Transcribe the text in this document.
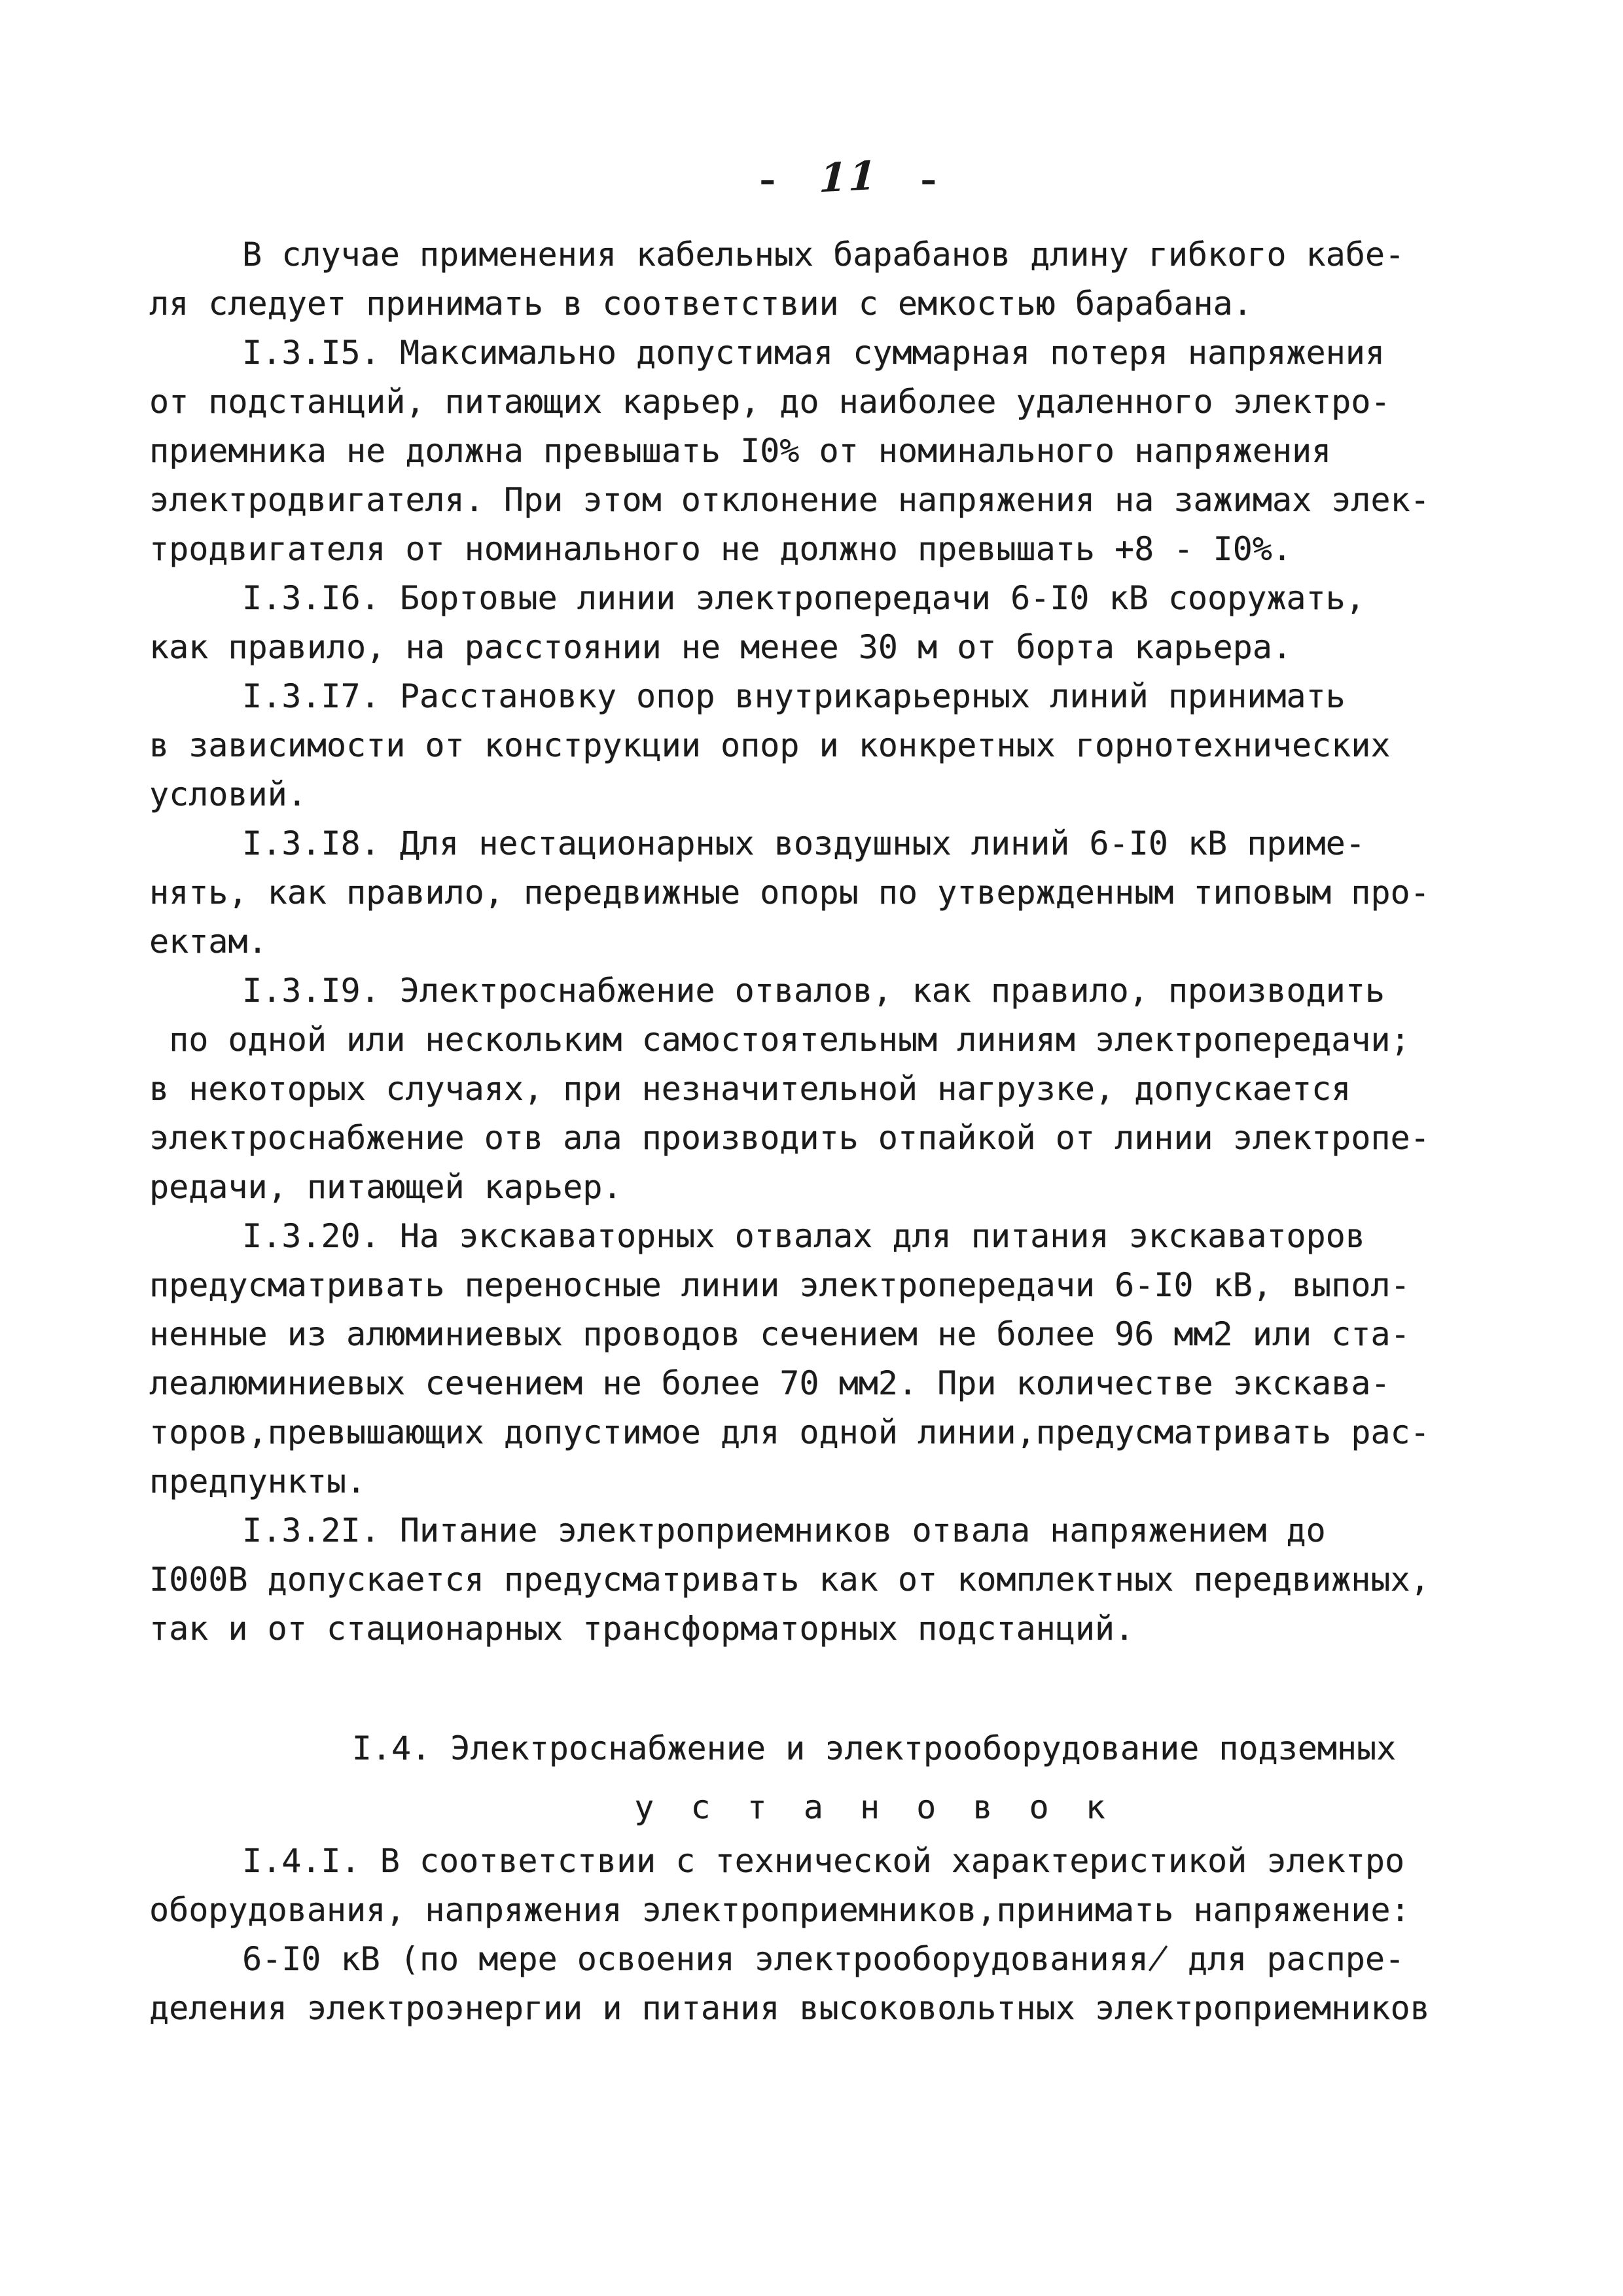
- 11 -

В случае применения кабельных барабанов длину гибкого кабе-
ля следует принимать в соответствии с емкостью барабана.
I.3.I5. Максимально допустимая суммарная потеря напряжения
от подстанций, питающих карьер, до наиболее удаленного электро-
приемника не должна превышать I0% от номинального напряжения
электродвигателя. При этом отклонение напряжения на зажимах элек-
тродвигателя от номинального не должно превышать +8 - I0%.
I.3.I6. Бортовые линии электропередачи 6-I0 кВ сооружать,
как правило, на расстоянии не менее 30 м от борта карьера.
I.3.I7. Расстановку опор внутрикарьерных линий принимать
в зависимости от конструкции опор и конкретных горнотехнических
условий.
I.3.I8. Для нестационарных воздушных линий 6-I0 кВ приме-
нять, как правило, передвижные опоры по утвержденным типовым про-
ектам.
I.3.I9. Электроснабжение отвалов, как правило, производить
по одной или нескольким самостоятельным линиям электропередачи;
в некоторых случаях, при незначительной нагрузке, допускается
электроснабжение отв ала производить отпайкой от линии электропе-
редачи, питающей карьер.
I.3.20. На экскаваторных отвалах для питания экскаваторов
предусматривать переносные линии электропередачи 6-I0 кВ, выпол-
ненные из алюминиевых проводов сечением не более 96 мм2 или ста-
леалюминиевых сечением не более 70 мм2. При количестве экскава-
торов,превышающих допустимое для одной линии,предусматривать рас-
предпункты.
I.3.2I. Питание электроприемников отвала напряжением до
I000В допускается предусматривать как от комплектных передвижных,
так и от стационарных трансформаторных подстанций.
I.4. Электроснабжение и электрооборудование подземных
у с т а н о в о к
I.4.I. В соответствии с технической характеристикой электро
оборудования, напряжения электроприемников,принимать напряжение:
6-I0 кВ (по мере освоения электрооборудованияя̸ для распре-
деления электроэнергии и питания высоковольтных электроприемников
